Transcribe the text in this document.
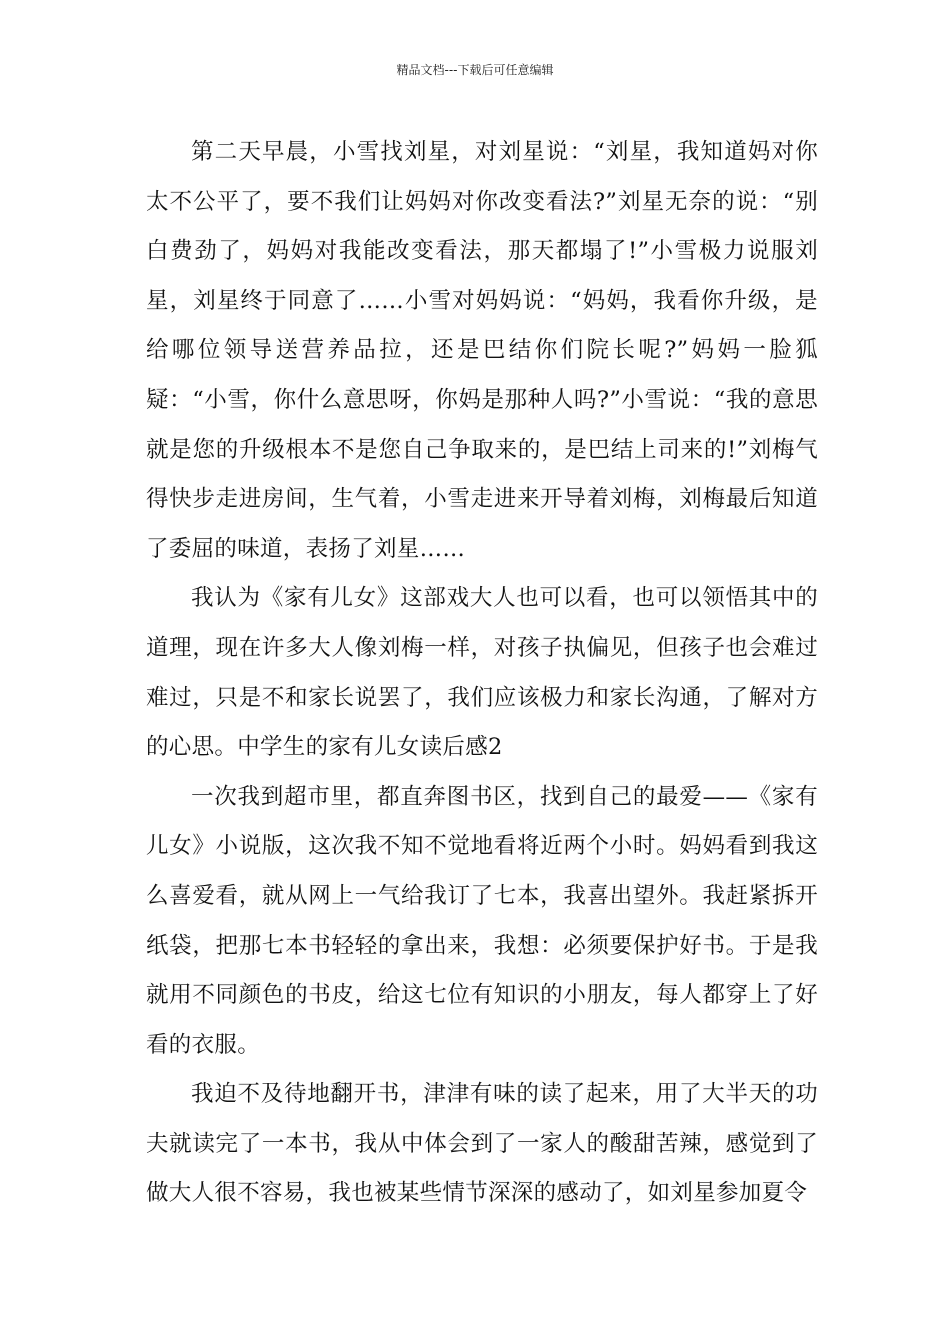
精品文档---下载后可任意编辑

第二天早晨，小雪找刘星，对刘星说：“刘星，我知道妈对你太不公平了，要不我们让妈妈对你改变看法?”刘星无奈的说：“别白费劲了，妈妈对我能改变看法，那天都塌了!”小雪极力说服刘星，刘星终于同意了……小雪对妈妈说：“妈妈，我看你升级，是给哪位领导送营养品拉，还是巴结你们院长呢?”妈妈一脸狐疑：“小雪，你什么意思呀，你妈是那种人吗?”小雪说：“我的意思就是您的升级根本不是您自己争取来的，是巴结上司来的!”刘梅气得快步走进房间，生气着，小雪走进来开导着刘梅，刘梅最后知道了委屈的味道，表扬了刘星……

我认为《家有儿女》这部戏大人也可以看，也可以领悟其中的道理，现在许多大人像刘梅一样，对孩子执偏见，但孩子也会难过难过，只是不和家长说罢了，我们应该极力和家长沟通，了解对方的心思。中学生的家有儿女读后感2

一次我到超市里，都直奔图书区，找到自己的最爱——《家有儿女》小说版，这次我不知不觉地看将近两个小时。妈妈看到我这么喜爱看，就从网上一气给我订了七本，我喜出望外。我赶紧拆开纸袋，把那七本书轻轻的拿出来，我想：必须要保护好书。于是我就用不同颜色的书皮，给这七位有知识的小朋友，每人都穿上了好看的衣服。

我迫不及待地翻开书，津津有味的读了起来，用了大半天的功夫就读完了一本书，我从中体会到了一家人的酸甜苦辣，感觉到了做大人很不容易，我也被某些情节深深的感动了，如刘星参加夏令
